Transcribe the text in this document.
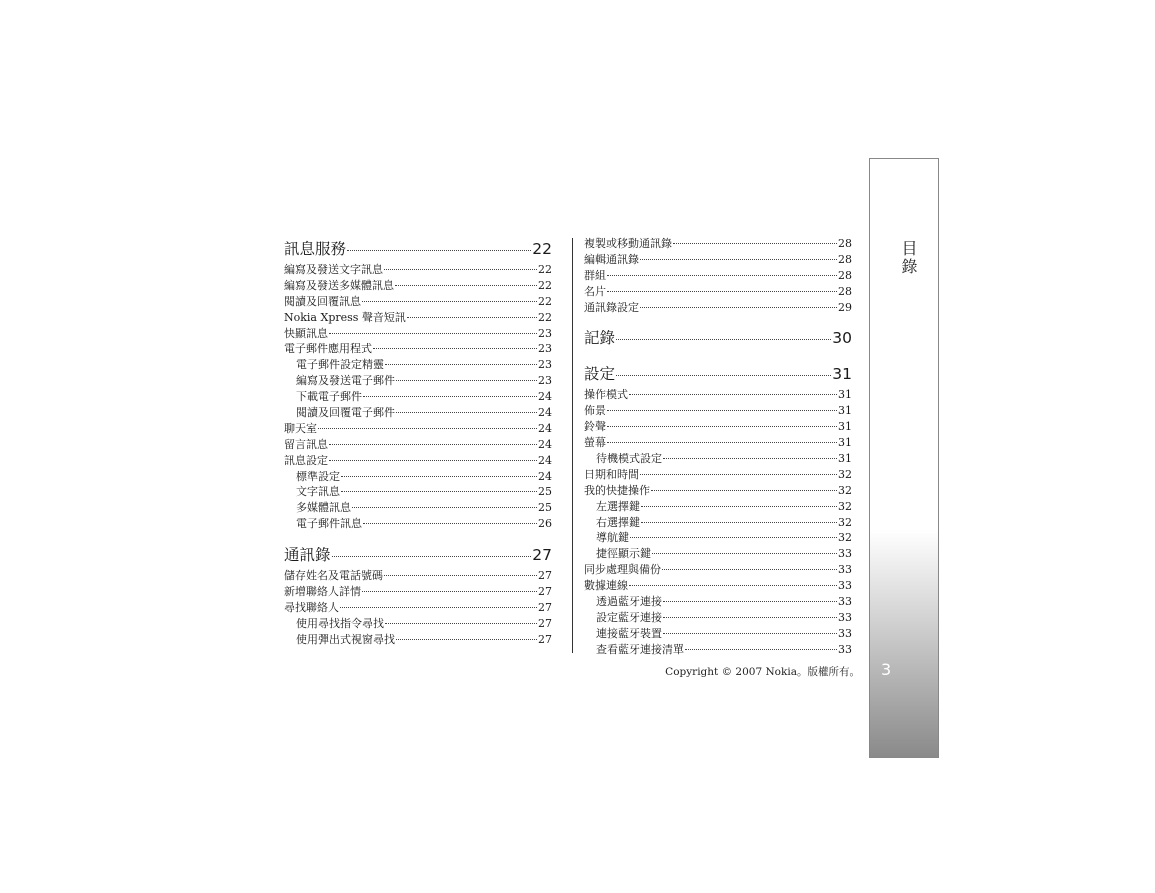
訊息服務	22
編寫及發送文字訊息	22
編寫及發送多媒體訊息	22
閱讀及回覆訊息	22
Nokia Xpress 聲音短訊	22
快顯訊息	23
電子郵件應用程式	23
電子郵件設定精靈	23
編寫及發送電子郵件	23
下載電子郵件	24
閱讀及回覆電子郵件	24
聊天室	24
留言訊息	24
訊息設定	24
標準設定	24
文字訊息	25
多媒體訊息	25
電子郵件訊息	26
通訊錄	27
儲存姓名及電話號碼	27
新增聯絡人詳情	27
尋找聯絡人	27
使用尋找指令尋找	27
使用彈出式視窗尋找	27
複製或移動通訊錄	28
編輯通訊錄	28
群組	28
名片	28
通訊錄設定	29
記錄	30
設定	31
操作模式	31
佈景	31
鈴聲	31
螢幕	31
待機模式設定	31
日期和時間	32
我的快捷操作	32
左選擇鍵	32
右選擇鍵	32
導航鍵	32
捷徑顯示鍵	33
同步處理與備份	33
數據連線	33
透過藍牙連接	33
設定藍牙連接	33
連接藍牙裝置	33
查看藍牙連接清單	33
目錄
3
Copyright © 2007 Nokia。版權所有。
